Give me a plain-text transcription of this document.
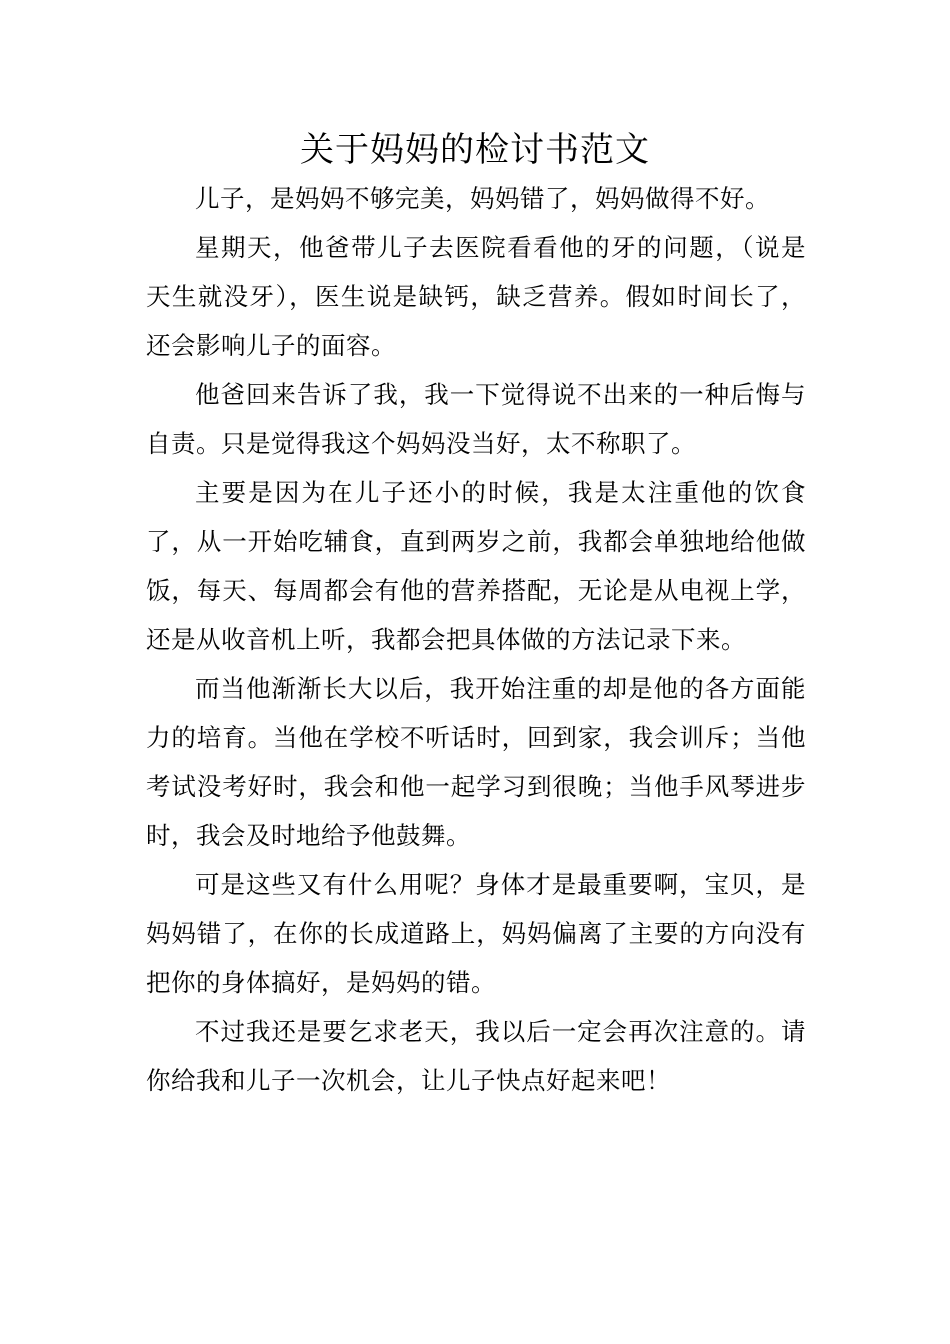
关于妈妈的检讨书范文

儿子，是妈妈不够完美，妈妈错了，妈妈做得不好。

星期天，他爸带儿子去医院看看他的牙的问题，（说是天生就没牙），医生说是缺钙，缺乏营养。假如时间长了，还会影响儿子的面容。

他爸回来告诉了我，我一下觉得说不出来的一种后悔与自责。只是觉得我这个妈妈没当好，太不称职了。

主要是因为在儿子还小的时候，我是太注重他的饮食了，从一开始吃辅食，直到两岁之前，我都会单独地给他做饭，每天、每周都会有他的营养搭配，无论是从电视上学，还是从收音机上听，我都会把具体做的方法记录下来。

而当他渐渐长大以后，我开始注重的却是他的各方面能力的培育。当他在学校不听话时，回到家，我会训斥；当他考试没考好时，我会和他一起学习到很晚；当他手风琴进步时，我会及时地给予他鼓舞。

可是这些又有什么用呢？身体才是最重要啊，宝贝，是妈妈错了，在你的长成道路上，妈妈偏离了主要的方向没有把你的身体搞好，是妈妈的错。

不过我还是要乞求老天，我以后一定会再次注意的。请你给我和儿子一次机会，让儿子快点好起来吧！
